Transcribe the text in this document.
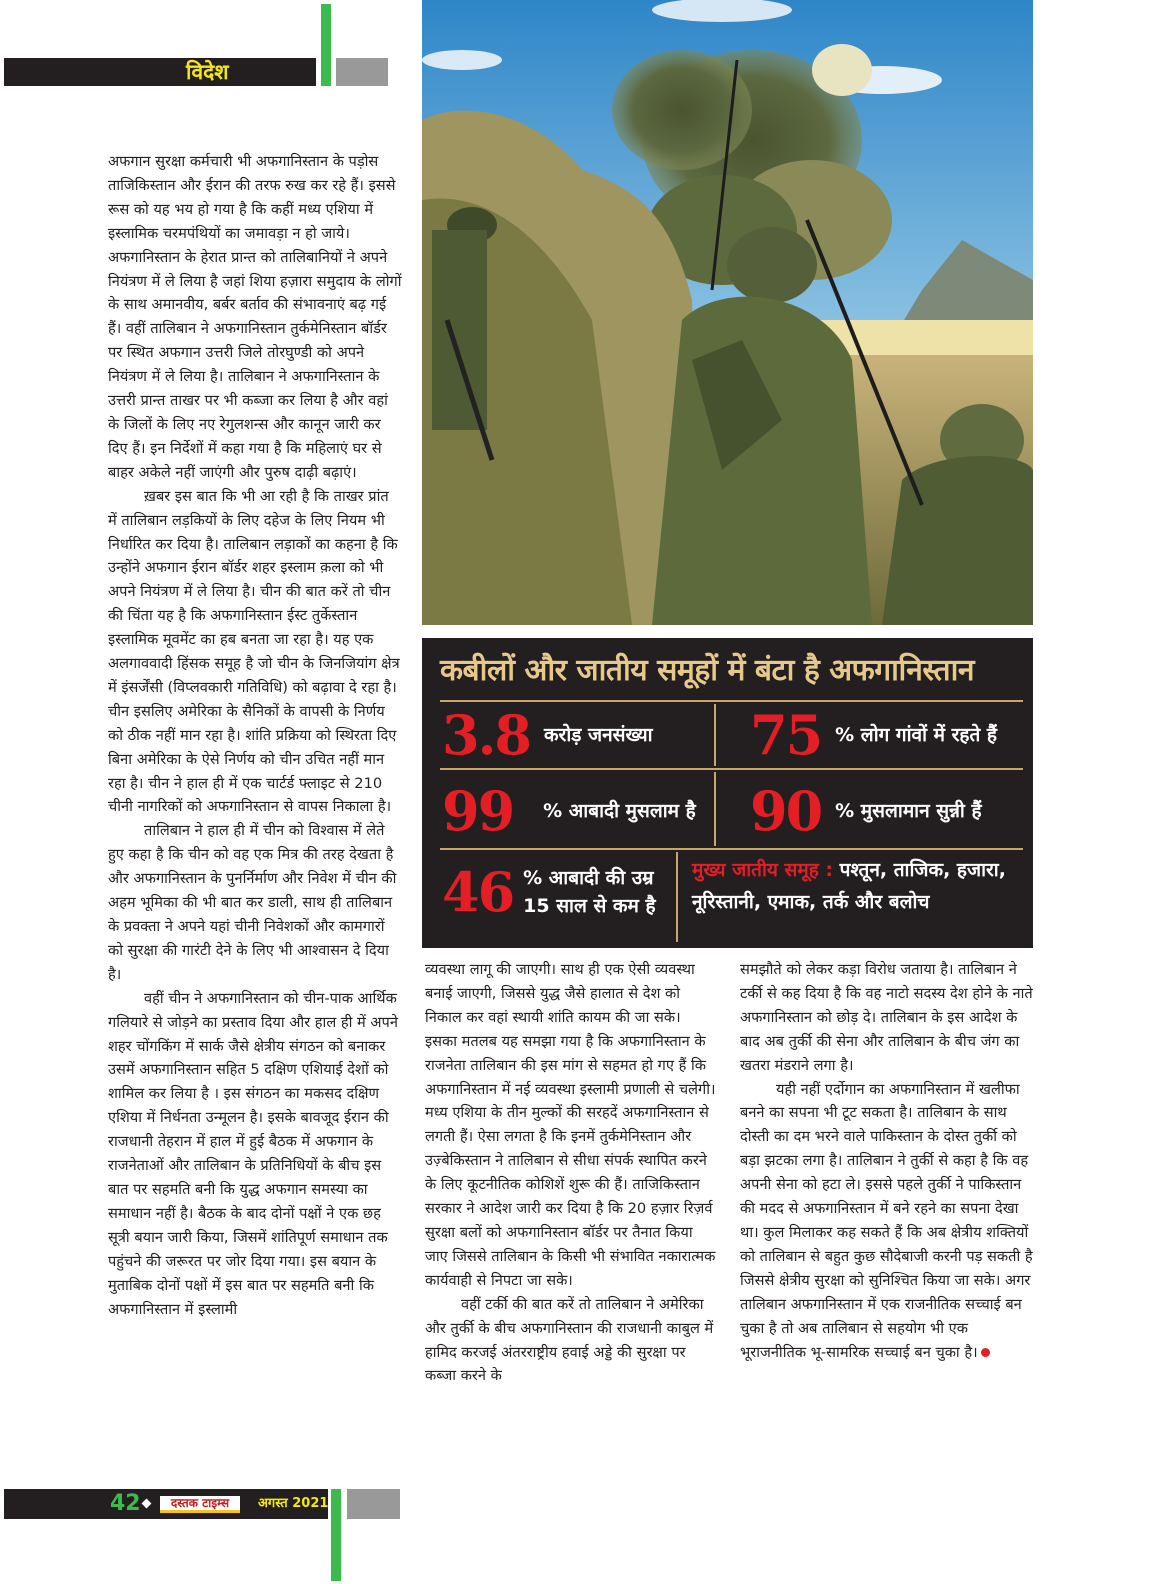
विदेश

अफगान सुरक्षा कर्मचारी भी अफगानिस्तान के पड़ोस ताजिकिस्तान और ईरान की तरफ रुख कर रहे हैं। इससे रूस को यह भय हो गया है कि कहीं मध्य एशिया में इस्लामिक चरमपंथियों का जमावड़ा न हो जाये। अफगानिस्तान के हेरात प्रान्त को तालिबानियों ने अपने नियंत्रण में ले लिया है जहां शिया हज़ारा समुदाय के लोगों के साथ अमानवीय, बर्बर बर्ताव की संभावनाएं बढ़ गई हैं। वहीं तालिबान ने अफगानिस्तान तुर्कमेनिस्तान बॉर्डर पर स्थित अफगान उत्तरी जिले तोरघुण्डी को अपने नियंत्रण में ले लिया है। तालिबान ने अफगानिस्तान के उत्तरी प्रान्त ताखर पर भी कब्जा कर लिया है और वहां के जिलों के लिए नए रेगुलशन्स और कानून जारी कर दिए हैं। इन निर्देशों में कहा गया है कि महिलाएं घर से बाहर अकेले नहीं जाएंगी और पुरुष दाढ़ी बढ़ाएं।

ख़बर इस बात कि भी आ रही है कि ताखर प्रांत में तालिबान लड़कियों के लिए दहेज के लिए नियम भी निर्धारित कर दिया है। तालिबान लड़ाकों का कहना है कि उन्होंने अफगान ईरान बॉर्डर शहर इस्लाम क़ला को भी अपने नियंत्रण में ले लिया है। चीन की बात करें तो चीन की चिंता यह है कि अफगानिस्तान ईस्ट तुर्केस्तान इस्लामिक मूवमेंट का हब बनता जा रहा है। यह एक अलगाववादी हिंसक समूह है जो चीन के जिनजियांग क्षेत्र में इंसर्जेंसी (विप्लवकारी गतिविधि) को बढ़ावा दे रहा है। चीन इसलिए अमेरिका के सैनिकों के वापसी के निर्णय को ठीक नहीं मान रहा है। शांति प्रक्रिया को स्थिरता दिए बिना अमेरिका के ऐसे निर्णय को चीन उचित नहीं मान रहा है। चीन ने हाल ही में एक चार्टर्ड फ्लाइट से 210 चीनी नागरिकों को अफगानिस्तान से वापस निकाला है।

तालिबान ने हाल ही में चीन को विश्वास में लेते हुए कहा है कि चीन को वह एक मित्र की तरह देखता है और अफगानिस्तान के पुनर्निर्माण और निवेश में चीन की अहम भूमिका की भी बात कर डाली, साथ ही तालिबान के प्रवक्ता ने अपने यहां चीनी निवेशकों और कामगारों को सुरक्षा की गारंटी देने के लिए भी आश्वासन दे दिया है।

वहीं चीन ने अफगानिस्तान को चीन-पाक आर्थिक गलियारे से जोड़ने का प्रस्ताव दिया और हाल ही में अपने शहर चोंगकिंग में सार्क जैसे क्षेत्रीय संगठन को बनाकर उसमें अफगानिस्तान सहित 5 दक्षिण एशियाई देशों को शामिल कर लिया है । इस संगठन का मकसद दक्षिण एशिया में निर्धनता उन्मूलन है। इसके बावजूद ईरान की राजधानी तेहरान में हाल में हुई बैठक में अफगान के राजनेताओं और तालिबान के प्रतिनिधियों के बीच इस बात पर सहमति बनी कि युद्ध अफगान समस्या का समाधान नहीं है। बैठक के बाद दोनों पक्षों ने एक छह सूत्री बयान जारी किया, जिसमें शांतिपूर्ण समाधान तक पहुंचने की जरूरत पर जोर दिया गया। इस बयान के मुताबिक दोनों पक्षों में इस बात पर सहमति बनी कि अफगानिस्तान में इस्लामी

कबीलों और जातीय समूहों में बंटा है अफगानिस्तान
3.8 करोड़ जनसंख्या 75 % लोग गांवों में रहते हैं
99 % आबादी मुसलाम है 90 % मुसलामान सुन्नी हैं
46 % आबादी की उम्र
15 साल से कम है
मुख्य जातीय समूह : पश्तून, ताजिक, हजारा, नूरिस्तानी, एमाक, तर्क और बलोच

व्यवस्था लागू की जाएगी। साथ ही एक ऐसी व्यवस्था बनाई जाएगी, जिससे युद्ध जैसे हालात से देश को निकाल कर वहां स्थायी शांति कायम की जा सके। इसका मतलब यह समझा गया है कि अफगानिस्तान के राजनेता तालिबान की इस मांग से सहमत हो गए हैं कि अफगानिस्तान में नई व्यवस्था इस्लामी प्रणाली से चलेगी। मध्य एशिया के तीन मुल्कों की सरहदें अफगानिस्तान से लगती हैं। ऐसा लगता है कि इनमें तुर्कमेनिस्तान और उज़्बेकिस्तान ने तालिबान से सीधा संपर्क स्थापित करने के लिए कूटनीतिक कोशिशें शुरू की हैं। ताजिकिस्तान सरकार ने आदेश जारी कर दिया है कि 20 हज़ार रिज़र्व सुरक्षा बलों को अफगानिस्तान बॉर्डर पर तैनात किया जाए जिससे तालिबान के किसी भी संभावित नकारात्मक कार्यवाही से निपटा जा सके।

वहीं टर्की की बात करें तो तालिबान ने अमेरिका और तुर्की के बीच अफगानिस्तान की राजधानी काबुल में हामिद करजई अंतरराष्ट्रीय हवाई अड्डे की सुरक्षा पर कब्जा करने के

समझौते को लेकर कड़ा विरोध जताया है। तालिबान ने टर्की से कह दिया है कि वह नाटो सदस्य देश होने के नाते अफगानिस्तान को छोड़ दे। तालिबान के इस आदेश के बाद अब तुर्की की सेना और तालिबान के बीच जंग का खतरा मंडराने लगा है।

यही नहीं एर्दोगान का अफगानिस्तान में खलीफा बनने का सपना भी टूट सकता है। तालिबान के साथ दोस्ती का दम भरने वाले पाकिस्तान के दोस्त तुर्की को बड़ा झटका लगा है। तालिबान ने तुर्की से कहा है कि वह अपनी सेना को हटा ले। इससे पहले तुर्की ने पाकिस्तान की मदद से अफगानिस्तान में बने रहने का सपना देखा था। कुल मिलाकर कह सकते हैं कि अब क्षेत्रीय शक्तियों को तालिबान से बहुत कुछ सौदेबाजी करनी पड़ सकती है जिससे क्षेत्रीय सुरक्षा को सुनिश्चित किया जा सके। अगर तालिबान अफगानिस्तान में एक राजनीतिक सच्चाई बन चुका है तो अब तालिबान से सहयोग भी एक भूराजनीतिक भू-सामरिक सच्चाई बन चुका है।

42	दस्तक टाइम्स	अगस्त 2021
